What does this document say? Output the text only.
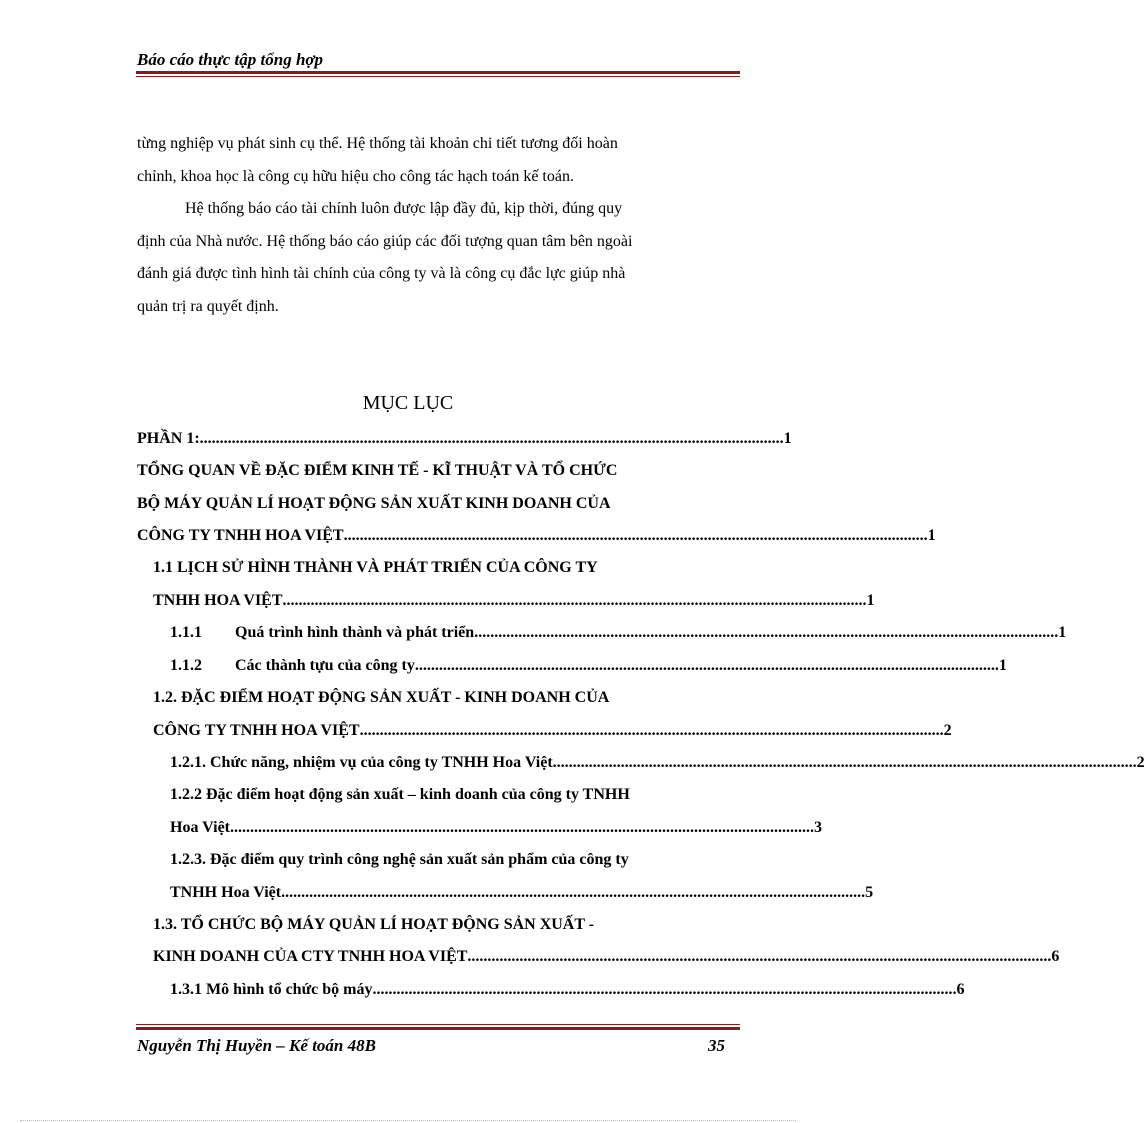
Báo cáo thực tập tổng hợp
từng nghiệp vụ phát sinh cụ thể. Hệ thống tài khoản chi tiết tương đối hoàn
chỉnh, khoa học là công cụ hữu hiệu cho công tác hạch toán kế toán.
Hệ thống báo cáo tài chính luôn được lập đầy đủ, kịp thời, đúng quy
định của Nhà nước. Hệ thống báo cáo giúp các đối tượng quan tâm bên ngoài
đánh giá được tình hình tài chính của công ty và là công cụ đắc lực giúp nhà
quản trị ra quyết định.
MỤC LỤC
PHẦN 1: .................................................................................................................................................. 1
TỔNG QUAN VỀ ĐẶC ĐIỂM KINH TẾ - KĨ THUẬT VÀ TỔ CHỨC
BỘ MÁY QUẢN LÍ HOẠT ĐỘNG SẢN XUẤT KINH DOANH CỦA
CÔNG TY TNHH HOA VIỆT .................................................................................................................................................. 1
1.1 LỊCH SỬ HÌNH THÀNH VÀ PHÁT TRIỂN CỦA CÔNG TY
TNHH HOA VIỆT .................................................................................................................................................. 1
1.1.1	Quá trình hình thành và phát triển .................................................................................................................................................. 1
1.1.2	Các thành tựu của công ty .................................................................................................................................................. 1
1.2. ĐẶC ĐIỂM HOẠT ĐỘNG SẢN XUẤT - KINH DOANH CỦA
CÔNG TY TNHH HOA VIỆT .................................................................................................................................................. 2
1.2.1. Chức năng, nhiệm vụ của công ty TNHH Hoa Việt .................................................................................................................................................. 2
1.2.2 Đặc điểm hoạt động sản xuất – kinh doanh của công ty TNHH
Hoa Việt .................................................................................................................................................. 3
1.2.3. Đặc điểm quy trình công nghệ sản xuất sản phẩm của công ty
TNHH Hoa Việt .................................................................................................................................................. 5
1.3. TỔ CHỨC BỘ MÁY QUẢN LÍ HOẠT ĐỘNG SẢN XUẤT -
KINH DOANH CỦA CTY TNHH HOA VIỆT .................................................................................................................................................. 6
1.3.1 Mô hình tổ chức bộ máy .................................................................................................................................................. 6
Nguyễn Thị Huyền – Kế toán 48B	35
